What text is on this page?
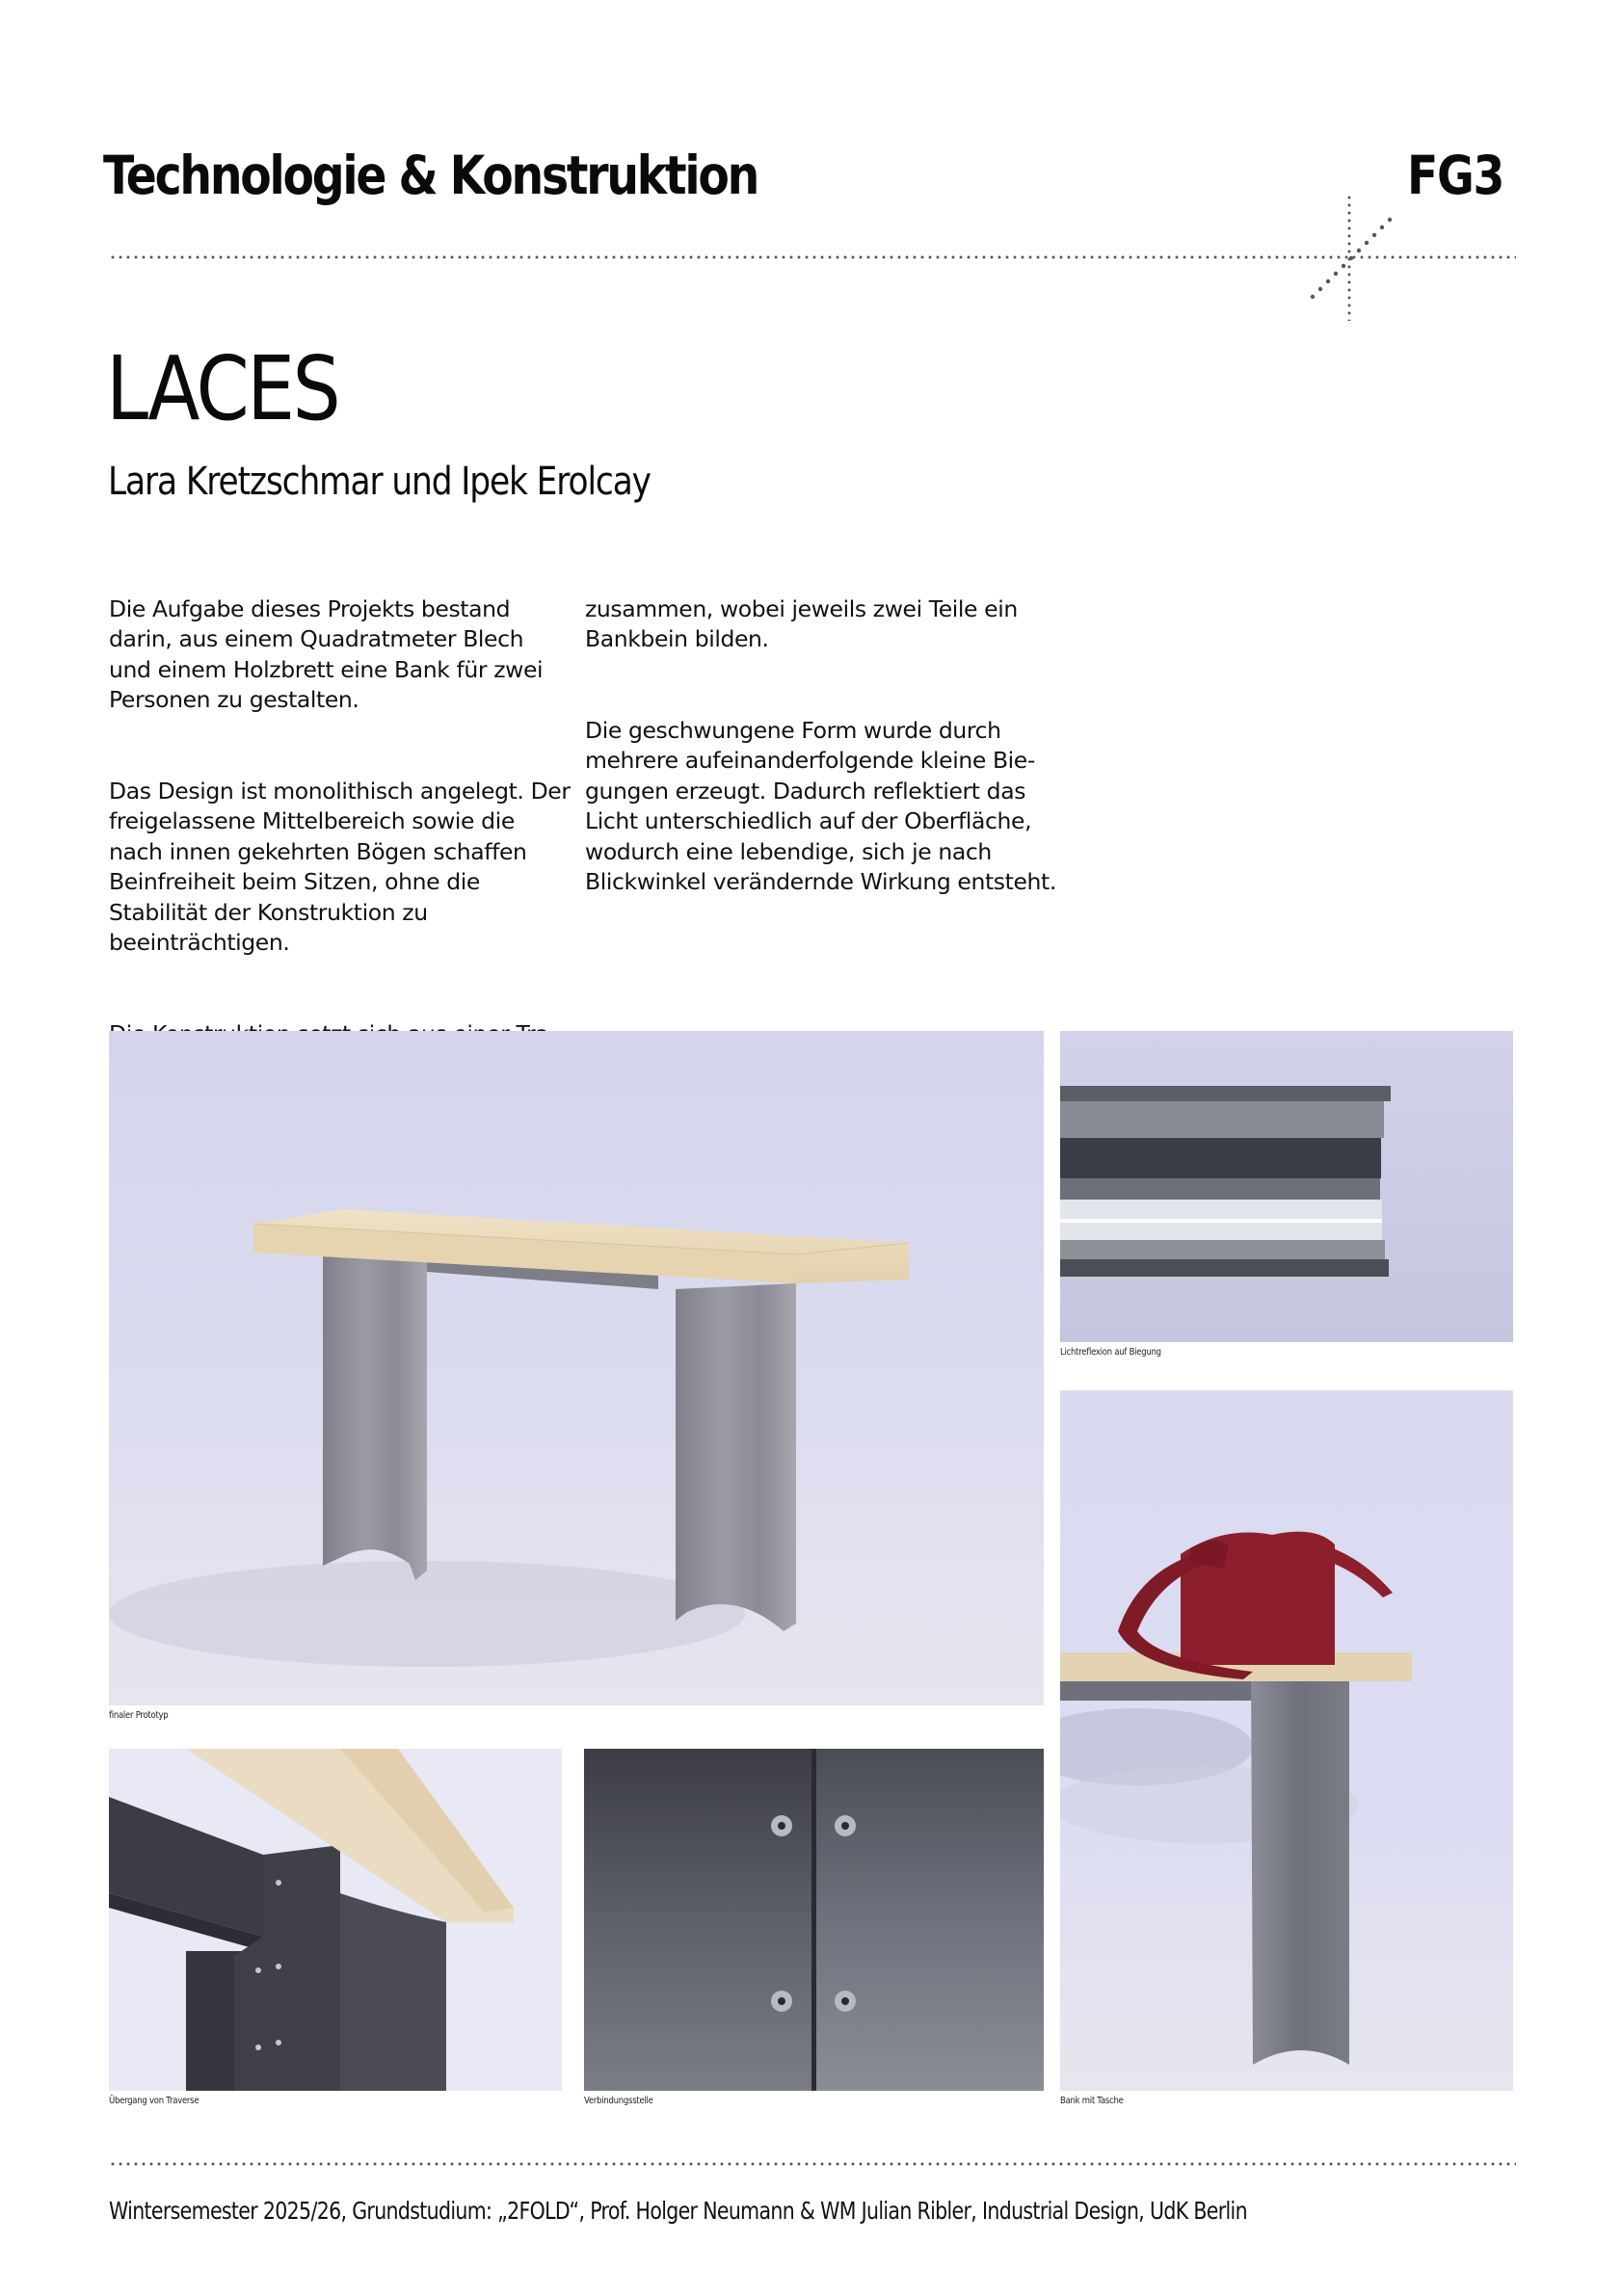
Technologie & Konstruktion	FG3
LACES
Lara Kretzschmar und Ipek Erolcay

Die Aufgabe dieses Projekts bestand darin, aus einem Quadratmeter Blech und einem Holzbrett eine Bank für zwei Personen zu gestalten.

Das Design ist monolithisch angelegt. Der freigelassene Mittelbereich sowie die nach innen gekehrten Bögen schaffen Beinfreiheit beim Sitzen, ohne die Stabilität der Konstruktion zu beeinträchtigen.

zusammen, wobei jeweils zwei Teile ein Bankbein bilden.

Die geschwungene Form wurde durch mehrere aufeinanderfolgende kleine Biegungen erzeugt. Dadurch reflektiert das Licht unterschiedlich auf der Oberfläche, wodurch eine lebendige, sich je nach Blickwinkel verändernde Wirkung entsteht.

finaler Prototyp
Lichtreflexion auf Biegung
Bank mit Tasche
Übergang von Traverse	Verbindungsstelle
Wintersemester 2025/26, Grundstudium: „2FOLD“, Prof. Holger Neumann & WM Julian Ribler, Industrial Design, UdK Berlin
